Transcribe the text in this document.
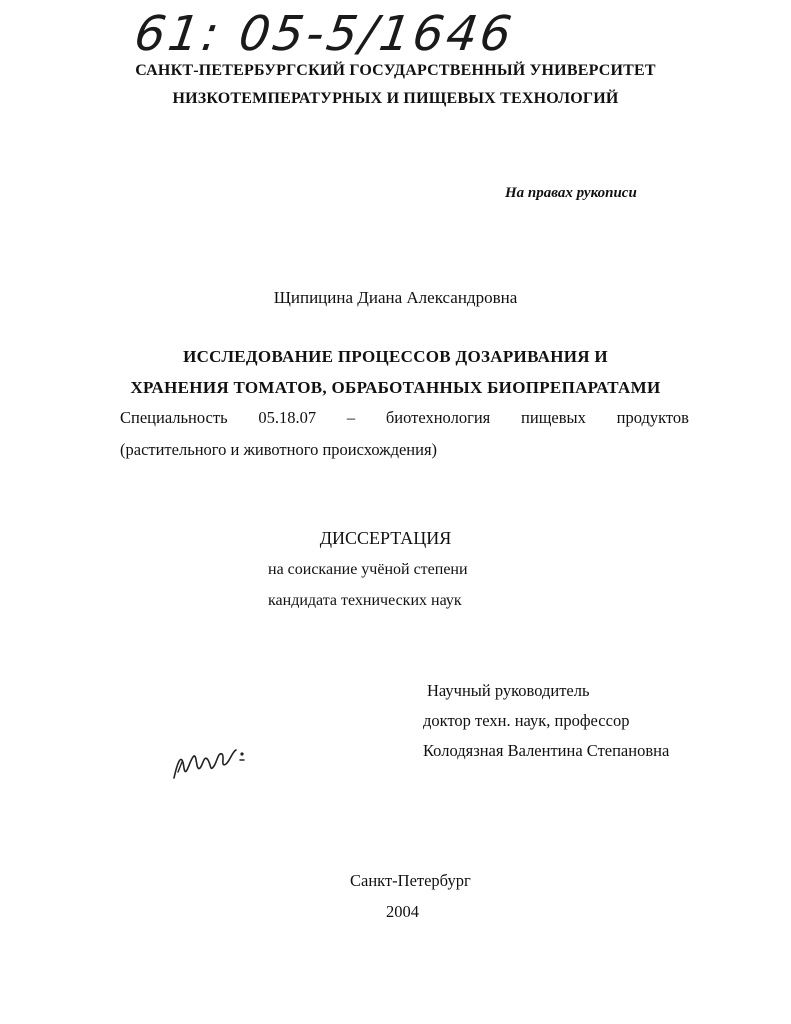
61: 05-5/1646
САНКТ-ПЕТЕРБУРГСКИЙ ГОСУДАРСТВЕННЫЙ УНИВЕРСИТЕТ
НИЗКОТЕМПЕРАТУРНЫХ И ПИЩЕВЫХ ТЕХНОЛОГИЙ
На правах рукописи
Щипицина Диана Александровна
ИССЛЕДОВАНИЕ ПРОЦЕССОВ ДОЗАРИВАНИЯ И
ХРАНЕНИЯ ТОМАТОВ, ОБРАБОТАННЫХ БИОПРЕПАРАТАМИ
Специальность 05.18.07 – биотехнология пищевых продуктов
(растительного и животного происхождения)
ДИССЕРТАЦИЯ
на соискание учёной степени
кандидата технических наук
Научный руководитель
доктор техн. наук, профессор
Колодязная Валентина Степановна
Санкт-Петербург
2004
